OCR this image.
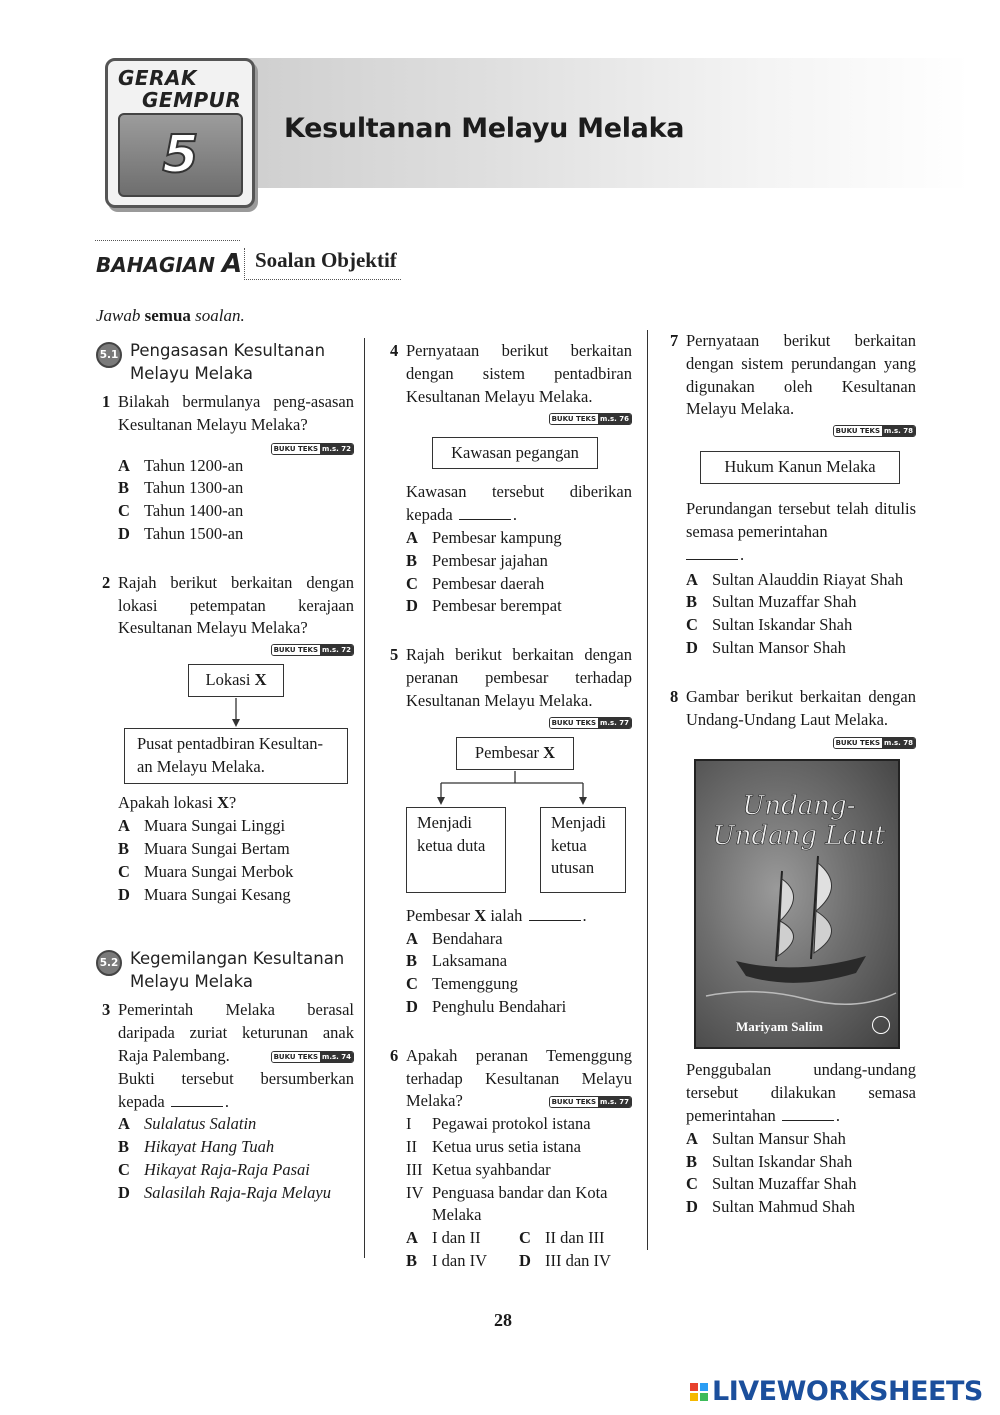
GERAK
GEMPUR
5	Kesultanan Melayu Melaka
BAHAGIAN A Soalan Objektif
Jawab semua soalan.
5.1 Pengasasan Kesultanan Melayu Melaka
1 Bilakah bermulanya peng-asasan Kesultanan Melayu Melaka?
BUKU TEKS m.s. 72
A Tahun 1200-an
B Tahun 1300-an
C Tahun 1400-an
D Tahun 1500-an
2 Rajah berikut berkaitan dengan lokasi petempatan kerajaan Kesultanan Melayu Melaka?
BUKU TEKS m.s. 72
Lokasi X
Pusat pentadbiran Kesultan-an Melayu Melaka.
Apakah lokasi X?
A Muara Sungai Linggi
B Muara Sungai Bertam
C Muara Sungai Merbok
D Muara Sungai Kesang
5.2 Kegemilangan Kesultanan Melayu Melaka
3 Pemerintah Melaka berasal daripada zuriat keturunan anak Raja Palembang.	BUKU TEKS m.s. 74
Bukti tersebut bersumberkan kepada	.
A Sulalatus Salatin
B Hikayat Hang Tuah
C Hikayat Raja-Raja Pasai
D Salasilah Raja-Raja Melayu
4 Pernyataan berikut berkaitan dengan sistem pentadbiran Kesultanan Melayu Melaka.
BUKU TEKS m.s. 76
Kawasan pegangan
Kawasan tersebut diberikan kepada	.
A Pembesar kampung
B Pembesar jajahan
C Pembesar daerah
D Pembesar berempat
5 Rajah berikut berkaitan dengan peranan pembesar terhadap Kesultanan Melayu Melaka.
BUKU TEKS m.s. 77
Pembesar X
Menjadi ketua duta
Menjadi ketua utusan
Pembesar X ialah	.
A Bendahara
B Laksamana
C Temenggung
D Penghulu Bendahari
6 Apakah peranan Temenggung terhadap Kesultanan Melayu Melaka?	BUKU TEKS m.s. 77
I	Pegawai protokol istana
II Ketua urus setia istana
III Ketua syahbandar
IV Penguasa bandar dan Kota Melaka
A I dan II C II dan III
B I dan IV D III dan IV
7 Pernyataan berikut berkaitan dengan sistem perundangan yang digunakan oleh Kesultanan Melayu Melaka.
BUKU TEKS m.s. 78
Hukum Kanun Melaka
Perundangan tersebut telah ditulis semasa pemerintahan
.
A Sultan Alauddin Riayat Shah
B Sultan Muzaffar Shah
C Sultan Iskandar Shah
D Sultan Mansor Shah
8 Gambar berikut berkaitan dengan Undang-Undang Laut Melaka.
BUKU TEKS m.s. 78
Undang-Undang Laut
Mariyam Salim
Penggubalan undang-undang tersebut dilakukan semasa pemerintahan	.
A Sultan Mansur Shah
B Sultan Iskandar Shah
C Sultan Muzaffar Shah
D Sultan Mahmud Shah
28
LIVEWORKSHEETS
